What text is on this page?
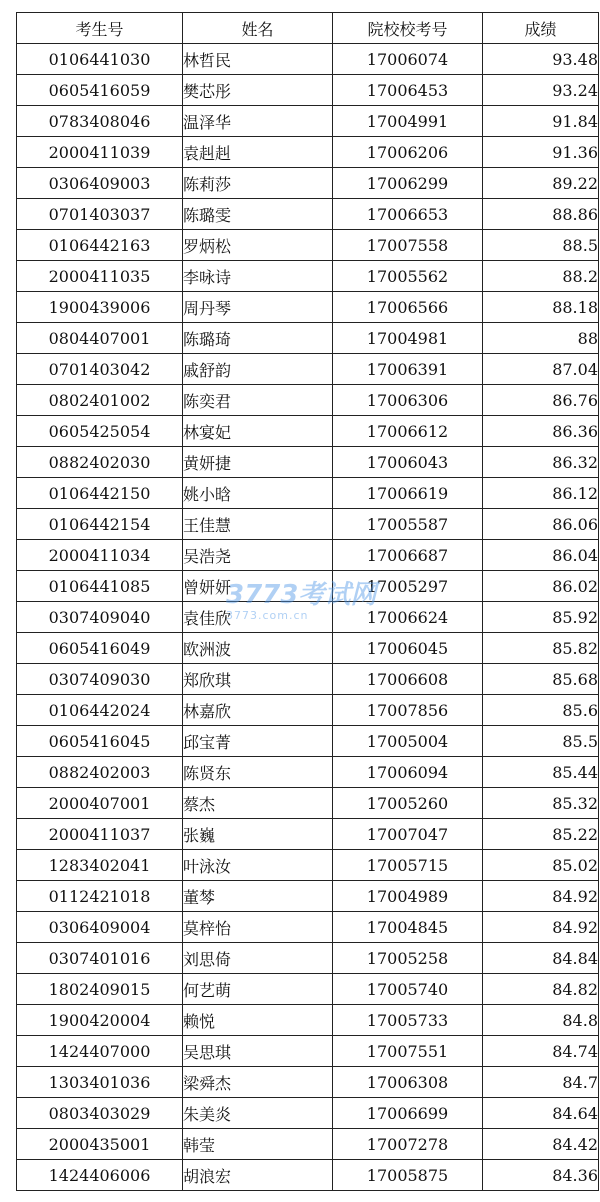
考生号	姓名	院校校考号	成绩
0106441030	林哲民	17006074	93.48
0605416059	樊芯彤	17006453	93.24
0783408046	温泽华	17004991	91.84
2000411039	袁赳赳	17006206	91.36
0306409003	陈莉莎	17006299	89.22
0701403037	陈璐雯	17006653	88.86
0106442163	罗炳松	17007558	88.5
2000411035	李咏诗	17005562	88.2
1900439006	周丹琴	17006566	88.18
0804407001	陈璐琦	17004981	88
0701403042	戚舒韵	17006391	87.04
0802401002	陈奕君	17006306	86.76
0605425054	林宴妃	17006612	86.36
0882402030	黄妍捷	17006043	86.32
0106442150	姚小晗	17006619	86.12
0106442154	王佳慧	17005587	86.06
2000411034	吴浩尧	17006687	86.04
0106441085	曾妍妍	17005297	86.02
0307409040	袁佳欣	17006624	85.92
0605416049	欧洲波	17006045	85.82
0307409030	郑欣琪	17006608	85.68
0106442024	林嘉欣	17007856	85.6
0605416045	邱宝菁	17005004	85.5
0882402003	陈贤东	17006094	85.44
2000407001	蔡杰	17005260	85.32
2000411037	张巍	17007047	85.22
1283402041	叶泳汝	17005715	85.02
0112421018	董棽	17004989	84.92
0306409004	莫梓怡	17004845	84.92
0307401016	刘思倚	17005258	84.84
1802409015	何艺萌	17005740	84.82
1900420004	赖悦	17005733	84.8
1424407000	吴思琪	17007551	84.74
1303401036	梁舜杰	17006308	84.7
0803403029	朱美炎	17006699	84.64
2000435001	韩莹	17007278	84.42
1424406006	胡浪宏	17005875	84.36
3773考试网
3773.com.cn
